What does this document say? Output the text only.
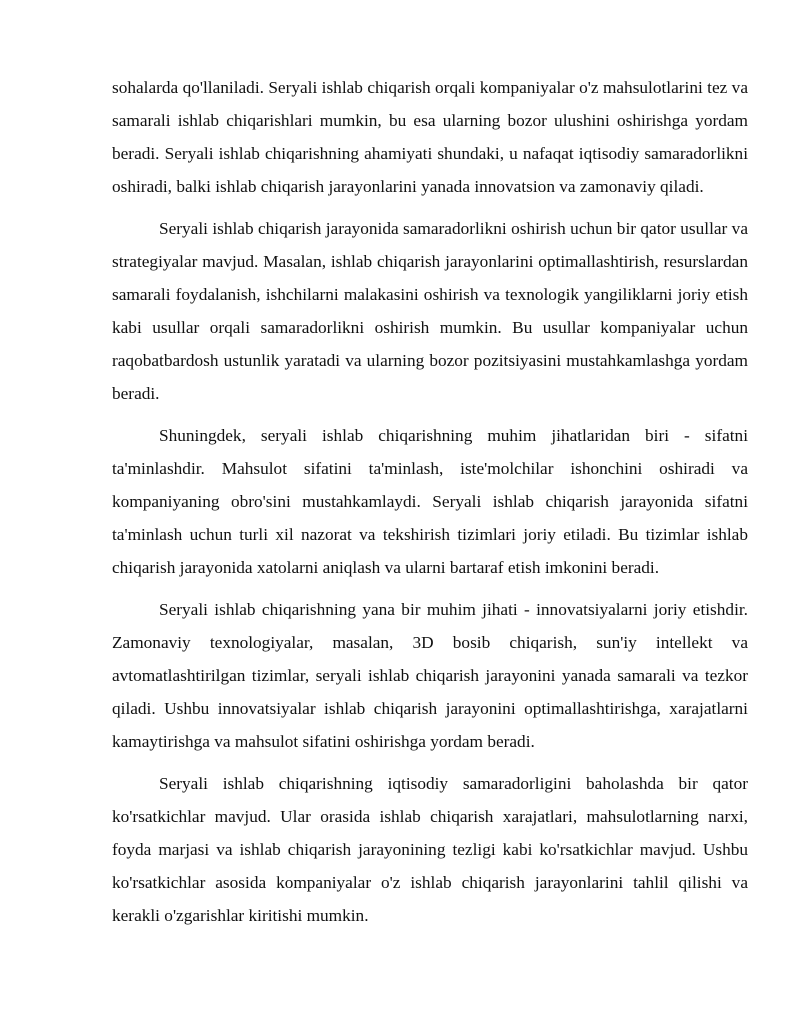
sohalarda qo'llaniladi. Seryali ishlab chiqarish orqali kompaniyalar o'z mahsulotlarini tez va samarali ishlab chiqarishlari mumkin, bu esa ularning bozor ulushini oshirishga yordam beradi. Seryali ishlab chiqarishning ahamiyati shundaki, u nafaqat iqtisodiy samaradorlikni oshiradi, balki ishlab chiqarish jarayonlarini yanada innovatsion va zamonaviy qiladi.

Seryali ishlab chiqarish jarayonida samaradorlikni oshirish uchun bir qator usullar va strategiyalar mavjud. Masalan, ishlab chiqarish jarayonlarini optimallashtirish, resurslardan samarali foydalanish, ishchilarni malakasini oshirish va texnologik yangiliklarni joriy etish kabi usullar orqali samaradorlikni oshirish mumkin. Bu usullar kompaniyalar uchun raqobatbardosh ustunlik yaratadi va ularning bozor pozitsiyasini mustahkamlashga yordam beradi.

Shuningdek, seryali ishlab chiqarishning muhim jihatlaridan biri - sifatni ta'minlashdir. Mahsulot sifatini ta'minlash, iste'molchilar ishonchini oshiradi va kompaniyaning obro'sini mustahkamlaydi. Seryali ishlab chiqarish jarayonida sifatni ta'minlash uchun turli xil nazorat va tekshirish tizimlari joriy etiladi. Bu tizimlar ishlab chiqarish jarayonida xatolarni aniqlash va ularni bartaraf etish imkonini beradi.

Seryali ishlab chiqarishning yana bir muhim jihati - innovatsiyalarni joriy etishdir. Zamonaviy texnologiyalar, masalan, 3D bosib chiqarish, sun'iy intellekt va avtomatlashtirilgan tizimlar, seryali ishlab chiqarish jarayonini yanada samarali va tezkor qiladi. Ushbu innovatsiyalar ishlab chiqarish jarayonini optimallashtirishga, xarajatlarni kamaytirishga va mahsulot sifatini oshirishga yordam beradi.

Seryali ishlab chiqarishning iqtisodiy samaradorligini baholashda bir qator ko'rsatkichlar mavjud. Ular orasida ishlab chiqarish xarajatlari, mahsulotlarning narxi, foyda marjasi va ishlab chiqarish jarayonining tezligi kabi ko'rsatkichlar mavjud. Ushbu ko'rsatkichlar asosida kompaniyalar o'z ishlab chiqarish jarayonlarini tahlil qilishi va kerakli o'zgarishlar kiritishi mumkin.
